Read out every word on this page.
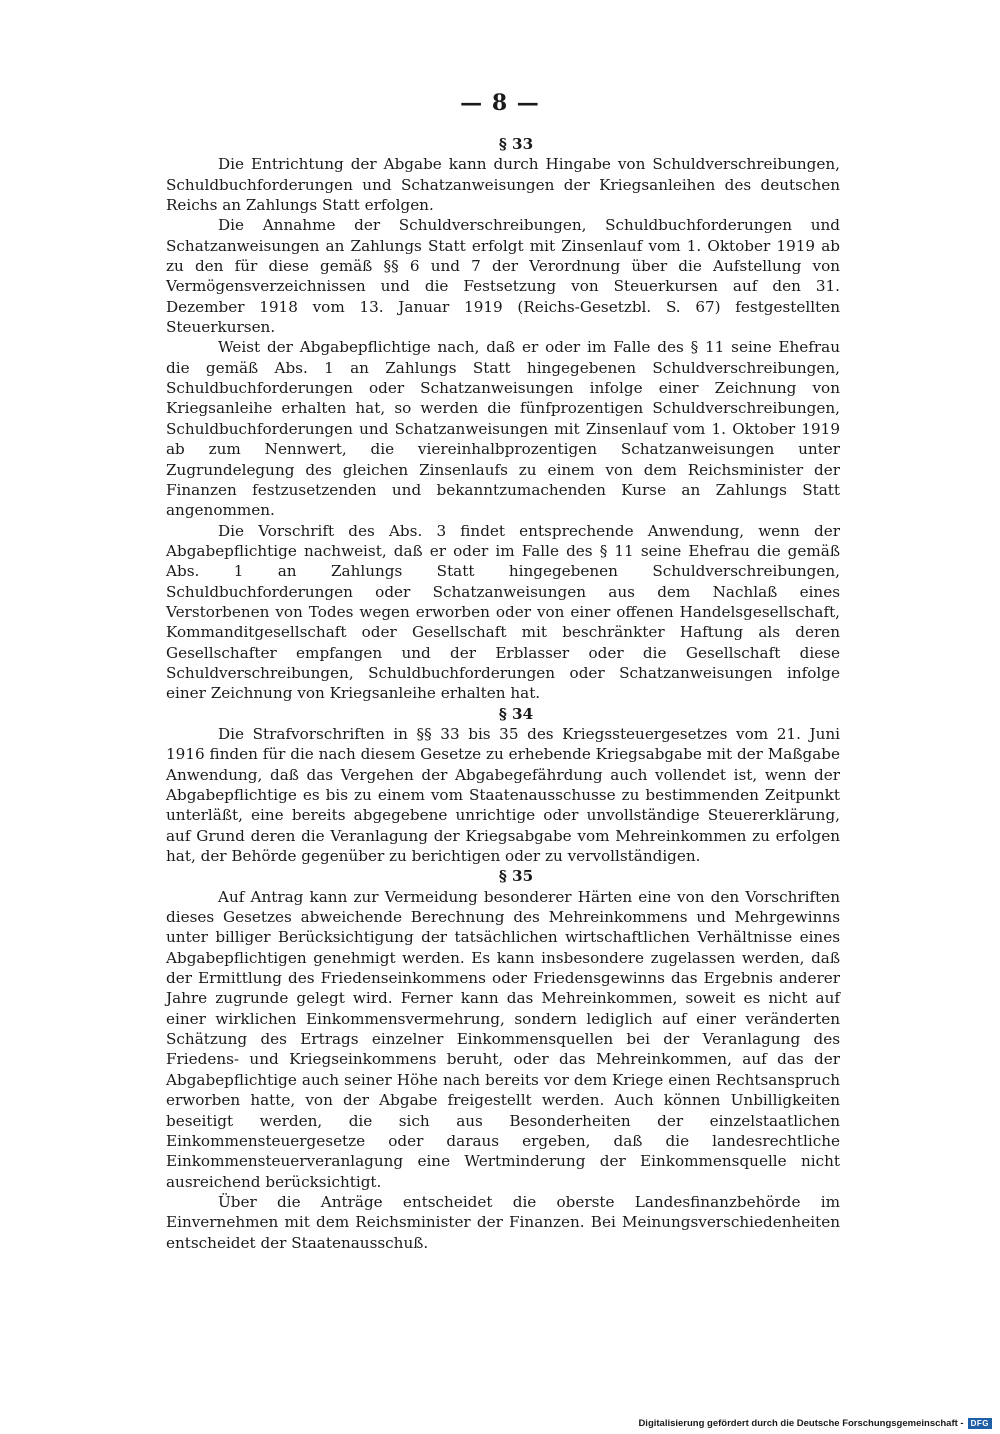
— 8 —
§ 33

Die Entrichtung der Abgabe kann durch Hingabe von Schuldverschreibungen, Schuldbuchforderungen und Schatzanweisungen der Kriegsanleihen des deutschen Reichs an Zahlungs Statt erfolgen.

Die Annahme der Schuldverschreibungen, Schuldbuchforderungen und Schatzanweisungen an Zahlungs Statt erfolgt mit Zinsenlauf vom 1. Oktober 1919 ab zu den für diese gemäß §§ 6 und 7 der Verordnung über die Aufstellung von Vermögensverzeichnissen und die Festsetzung von Steuerkursen auf den 31. Dezember 1918 vom 13. Januar 1919 (Reichs-Gesetzbl. S. 67) festgestellten Steuerkursen.

Weist der Abgabepflichtige nach, daß er oder im Falle des § 11 seine Ehefrau die gemäß Abs. 1 an Zahlungs Statt hingegebenen Schuldverschreibungen, Schuldbuchforderungen oder Schatzanweisungen infolge einer Zeichnung von Kriegsanleihe erhalten hat, so werden die fünfprozentigen Schuldverschreibungen, Schuldbuchforderungen und Schatzanweisungen mit Zinsenlauf vom 1. Oktober 1919 ab zum Nennwert, die viereinhalbprozentigen Schatzanweisungen unter Zugrundelegung des gleichen Zinsenlaufs zu einem von dem Reichsminister der Finanzen festzusetzenden und bekanntzumachenden Kurse an Zahlungs Statt angenommen.

Die Vorschrift des Abs. 3 findet entsprechende Anwendung, wenn der Abgabepflichtige nachweist, daß er oder im Falle des § 11 seine Ehefrau die gemäß Abs. 1 an Zahlungs Statt hingegebenen Schuldverschreibungen, Schuldbuchforderungen oder Schatzanweisungen aus dem Nachlaß eines Verstorbenen von Todes wegen erworben oder von einer offenen Handelsgesellschaft, Kommanditgesellschaft oder Gesellschaft mit beschränkter Haftung als deren Gesellschafter empfangen und der Erblasser oder die Gesellschaft diese Schuldverschreibungen, Schuldbuchforderungen oder Schatzanweisungen infolge einer Zeichnung von Kriegsanleihe erhalten hat.

§ 34

Die Strafvorschriften in §§ 33 bis 35 des Kriegssteuergesetzes vom 21. Juni 1916 finden für die nach diesem Gesetze zu erhebende Kriegsabgabe mit der Maßgabe Anwendung, daß das Vergehen der Abgabegefährdung auch vollendet ist, wenn der Abgabepflichtige es bis zu einem vom Staatenausschusse zu bestimmenden Zeitpunkt unterläßt, eine bereits abgegebene unrichtige oder unvollständige Steuererklärung, auf Grund deren die Veranlagung der Kriegsabgabe vom Mehreinkommen zu erfolgen hat, der Behörde gegenüber zu berichtigen oder zu vervollständigen.

§ 35

Auf Antrag kann zur Vermeidung besonderer Härten eine von den Vorschriften dieses Gesetzes abweichende Berechnung des Mehreinkommens und Mehrgewinns unter billiger Berücksichtigung der tatsächlichen wirtschaftlichen Verhältnisse eines Abgabepflichtigen genehmigt werden. Es kann insbesondere zugelassen werden, daß der Ermittlung des Friedenseinkommens oder Friedensgewinns das Ergebnis anderer Jahre zugrunde gelegt wird. Ferner kann das Mehreinkommen, soweit es nicht auf einer wirklichen Einkommensvermehrung, sondern lediglich auf einer veränderten Schätzung des Ertrags einzelner Einkommensquellen bei der Veranlagung des Friedens- und Kriegseinkommens beruht, oder das Mehreinkommen, auf das der Abgabepflichtige auch seiner Höhe nach bereits vor dem Kriege einen Rechtsanspruch erworben hatte, von der Abgabe freigestellt werden. Auch können Unbilligkeiten beseitigt werden, die sich aus Besonderheiten der einzelstaatlichen Einkommensteuergesetze oder daraus ergeben, daß die landesrechtliche Einkommensteuerveranlagung eine Wertminderung der Einkommensquelle nicht ausreichend berücksichtigt.

Über die Anträge entscheidet die oberste Landesfinanzbehörde im Einvernehmen mit dem Reichsminister der Finanzen. Bei Meinungsverschiedenheiten entscheidet der Staatenausschuß.

Digitalisierung gefördert durch die Deutsche Forschungsgemeinschaft - DFG
